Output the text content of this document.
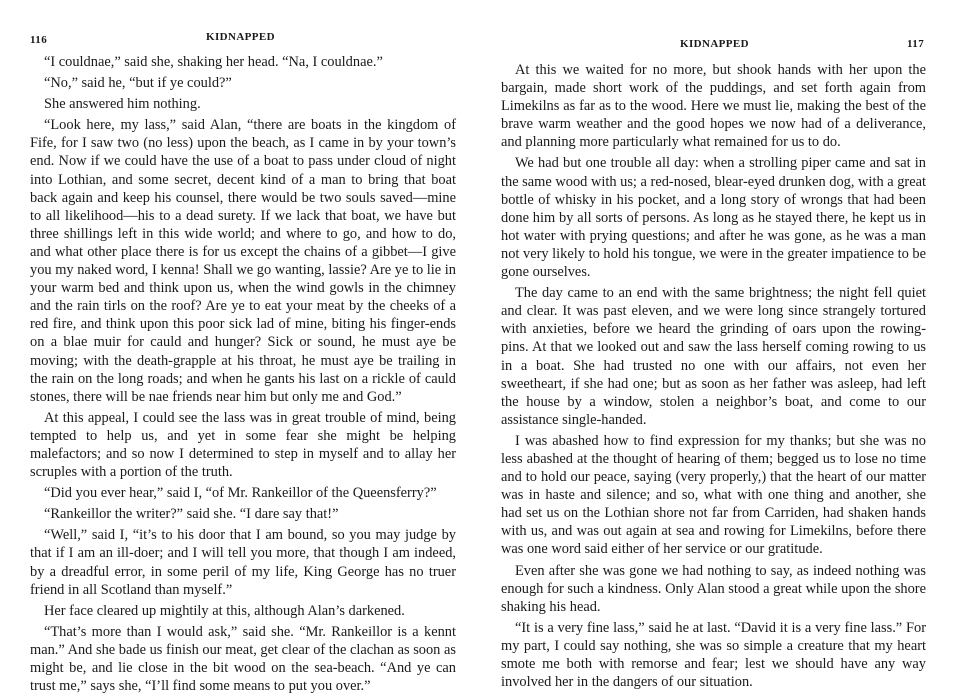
116	KIDNAPPED

“I couldnae,” said she, shaking her head. “Na, I couldnae.”

“No,” said he, “but if ye could?”

She answered him nothing.

“Look here, my lass,” said Alan, “there are boats in the kingdom of Fife, for I saw two (no less) upon the beach, as I came in by your town’s end. Now if we could have the use of a boat to pass under cloud of night into Lothian, and some secret, decent kind of a man to bring that boat back again and keep his counsel, there would be two souls saved—mine to all likelihood—his to a dead surety. If we lack that boat, we have but three shillings left in this wide world; and where to go, and how to do, and what other place there is for us except the chains of a gibbet—I give you my naked word, I kenna! Shall we go wanting, lassie? Are ye to lie in your warm bed and think upon us, when the wind gowls in the chimney and the rain tirls on the roof? Are ye to eat your meat by the cheeks of a red fire, and think upon this poor sick lad of mine, biting his finger-ends on a blae muir for cauld and hunger? Sick or sound, he must aye be moving; with the death-grapple at his throat, he must aye be trailing in the rain on the long roads; and when he gants his last on a rickle of cauld stones, there will be nae friends near him but only me and God.”

At this appeal, I could see the lass was in great trouble of mind, being tempted to help us, and yet in some fear she might be helping malefactors; and so now I determined to step in myself and to allay her scruples with a portion of the truth.

“Did you ever hear,” said I, “of Mr. Rankeillor of the Queensferry?”

“Rankeillor the writer?” said she. “I dare say that!”

“Well,” said I, “it’s to his door that I am bound, so you may judge by that if I am an ill-doer; and I will tell you more, that though I am indeed, by a dreadful error, in some peril of my life, King George has no truer friend in all Scotland than myself.”

Her face cleared up mightily at this, although Alan’s darkened.

“That’s more than I would ask,” said she. “Mr. Rankeillor is a kennt man.” And she bade us finish our meat, get clear of the clachan as soon as might be, and lie close in the bit wood on the sea-beach. “And ye can trust me,” says she, “I’ll find some means to put you over.”

KIDNAPPED	117

At this we waited for no more, but shook hands with her upon the bargain, made short work of the puddings, and set forth again from Limekilns as far as to the wood. Here we must lie, making the best of the brave warm weather and the good hopes we now had of a deliverance, and planning more particularly what remained for us to do.

We had but one trouble all day: when a strolling piper came and sat in the same wood with us; a red-nosed, blear-eyed drunken dog, with a great bottle of whisky in his pocket, and a long story of wrongs that had been done him by all sorts of persons. As long as he stayed there, he kept us in hot water with prying questions; and after he was gone, as he was a man not very likely to hold his tongue, we were in the greater impatience to be gone ourselves.

The day came to an end with the same brightness; the night fell quiet and clear. It was past eleven, and we were long since strangely tortured with anxieties, before we heard the grinding of oars upon the rowing-pins. At that we looked out and saw the lass herself coming rowing to us in a boat. She had trusted no one with our affairs, not even her sweetheart, if she had one; but as soon as her father was asleep, had left the house by a window, stolen a neighbor’s boat, and come to our assistance single-handed.

I was abashed how to find expression for my thanks; but she was no less abashed at the thought of hearing of them; begged us to lose no time and to hold our peace, saying (very properly,) that the heart of our matter was in haste and silence; and so, what with one thing and another, she had set us on the Lothian shore not far from Carriden, had shaken hands with us, and was out again at sea and rowing for Limekilns, before there was one word said either of her service or our gratitude.

Even after she was gone we had nothing to say, as indeed nothing was enough for such a kindness. Only Alan stood a great while upon the shore shaking his head.

“It is a very fine lass,” said he at last. “David it is a very fine lass.” For my part, I could say nothing, she was so simple a creature that my heart smote me both with remorse and fear; lest we should have any way involved her in the dangers of our situation.
